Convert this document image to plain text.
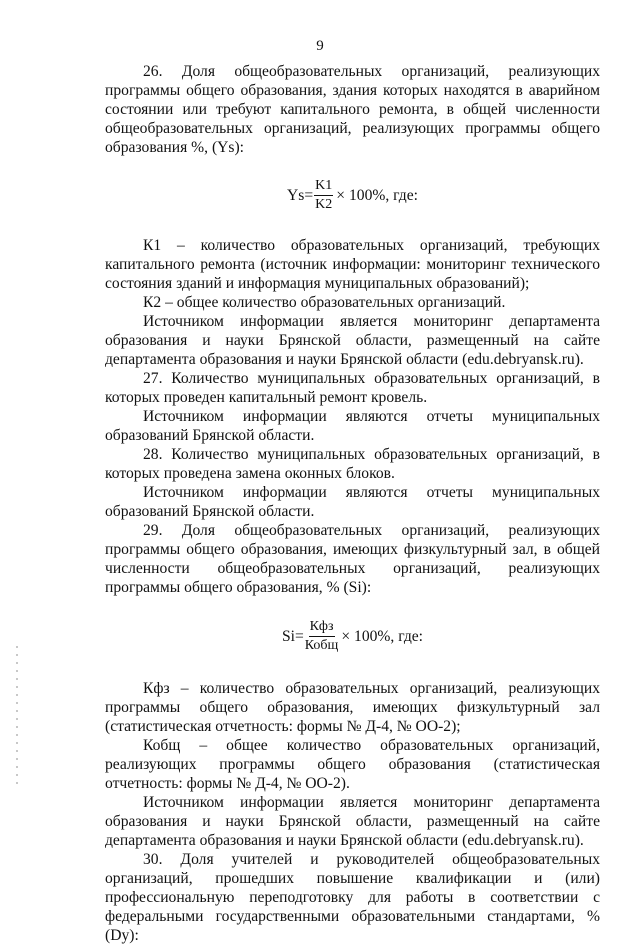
9

26. Доля общеобразовательных организаций, реализующих программы общего образования, здания которых находятся в аварийном состоянии или требуют капитального ремонта, в общей численности общеобразовательных организаций, реализующих программы общего образования %, (Ys):

$Ys= \frac{K1}{K2} \times 100\%$, где:

К1 – количество образовательных организаций, требующих капитального ремонта (источник информации: мониторинг технического состояния зданий и информация муниципальных образований);

К2 – общее количество образовательных организаций.

Источником информации является мониторинг департамента образования и науки Брянской области, размещенный на сайте департамента образования и науки Брянской области (edu.debryansk.ru).

27. Количество муниципальных образовательных организаций, в которых проведен капитальный ремонт кровель.

Источником информации являются отчеты муниципальных образований Брянской области.

28. Количество муниципальных образовательных организаций, в которых проведена замена оконных блоков.

Источником информации являются отчеты муниципальных образований Брянской области.

29. Доля общеобразовательных организаций, реализующих программы общего образования, имеющих физкультурный зал, в общей численности общеобразовательных организаций, реализующих программы общего образования, % (Si):

$Si= \frac{\text{Кфз}}{\text{Кобщ}} \times 100\%$, где:

Кфз – количество образовательных организаций, реализующих программы общего образования, имеющих физкультурный зал (статистическая отчетность: формы № Д-4, № ОО-2);

Кобщ – общее количество образовательных организаций, реализующих программы общего образования (статистическая отчетность: формы № Д-4, № ОО-2).

Источником информации является мониторинг департамента образования и науки Брянской области, размещенный на сайте департамента образования и науки Брянской области (edu.debryansk.ru).

30. Доля учителей и руководителей общеобразовательных организаций, прошедших повышение квалификации и (или) профессиональную переподготовку для работы в соответствии с федеральными государственными образовательными стандартами, % (Dy):
